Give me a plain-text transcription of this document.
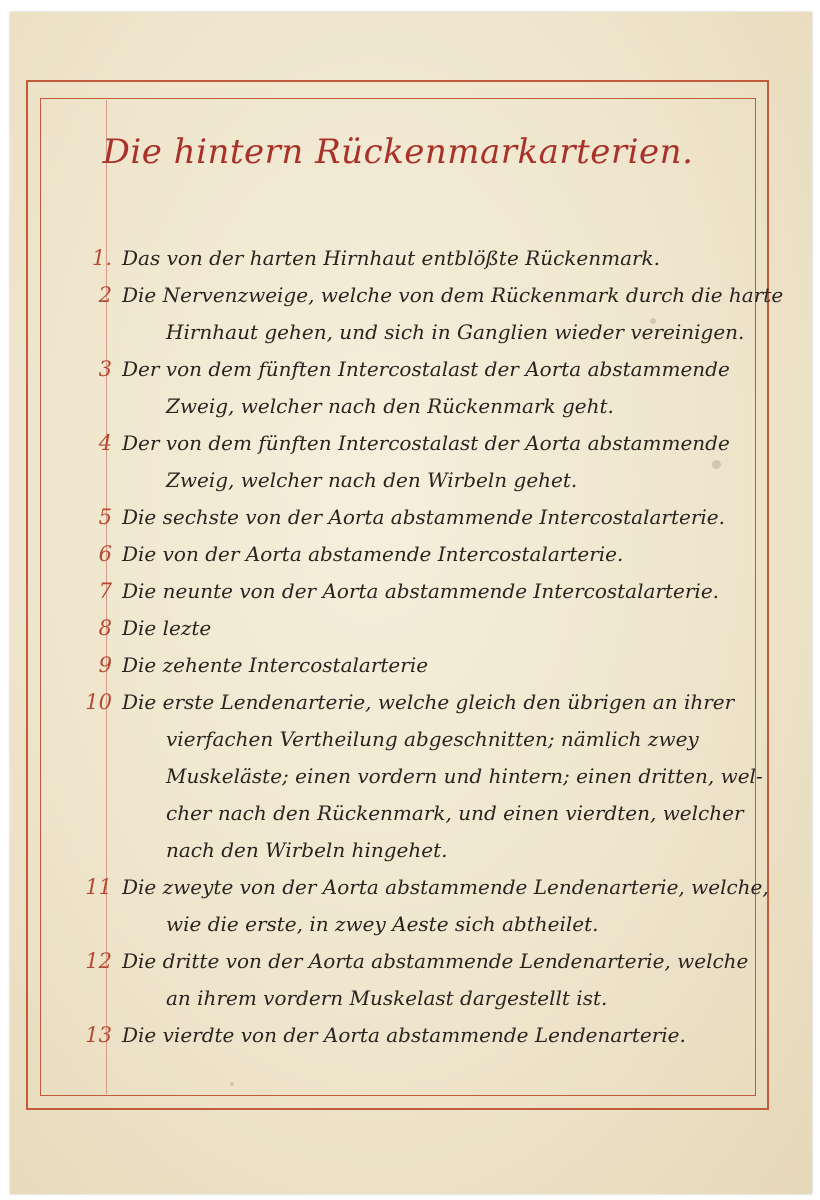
Die hintern Rückenmarkarterien.
1. Das von der harten Hirnhaut entblößte Rückenmark.
2 Die Nervenzweige, welche von dem Rückenmark durch die harte
Hirnhaut gehen, und sich in Ganglien wieder vereinigen.
3 Der von dem fünften Intercostalast der Aorta abstammende
Zweig, welcher nach den Rückenmark geht.
4 Der von dem fünften Intercostalast der Aorta abstammende
Zweig, welcher nach den Wirbeln gehet.
5 Die sechste von der Aorta abstammende Intercostalarterie.
6 Die von der Aorta abstamende Intercostalarterie.
7 Die neunte von der Aorta abstammende Intercostalarterie.
8 Die lezte
9 Die zehente Intercostalarterie
10 Die erste Lendenarterie, welche gleich den übrigen an ihrer
vierfachen Vertheilung abgeschnitten; nämlich zwey
Muskeläste; einen vordern und hintern; einen dritten, wel-
cher nach den Rückenmark, und einen vierdten, welcher
nach den Wirbeln hingehet.
11 Die zweyte von der Aorta abstammende Lendenarterie, welche,
wie die erste, in zwey Aeste sich abtheilet.
12 Die dritte von der Aorta abstammende Lendenarterie, welche
an ihrem vordern Muskelast dargestellt ist.
13 Die vierdte von der Aorta abstammende Lendenarterie.
